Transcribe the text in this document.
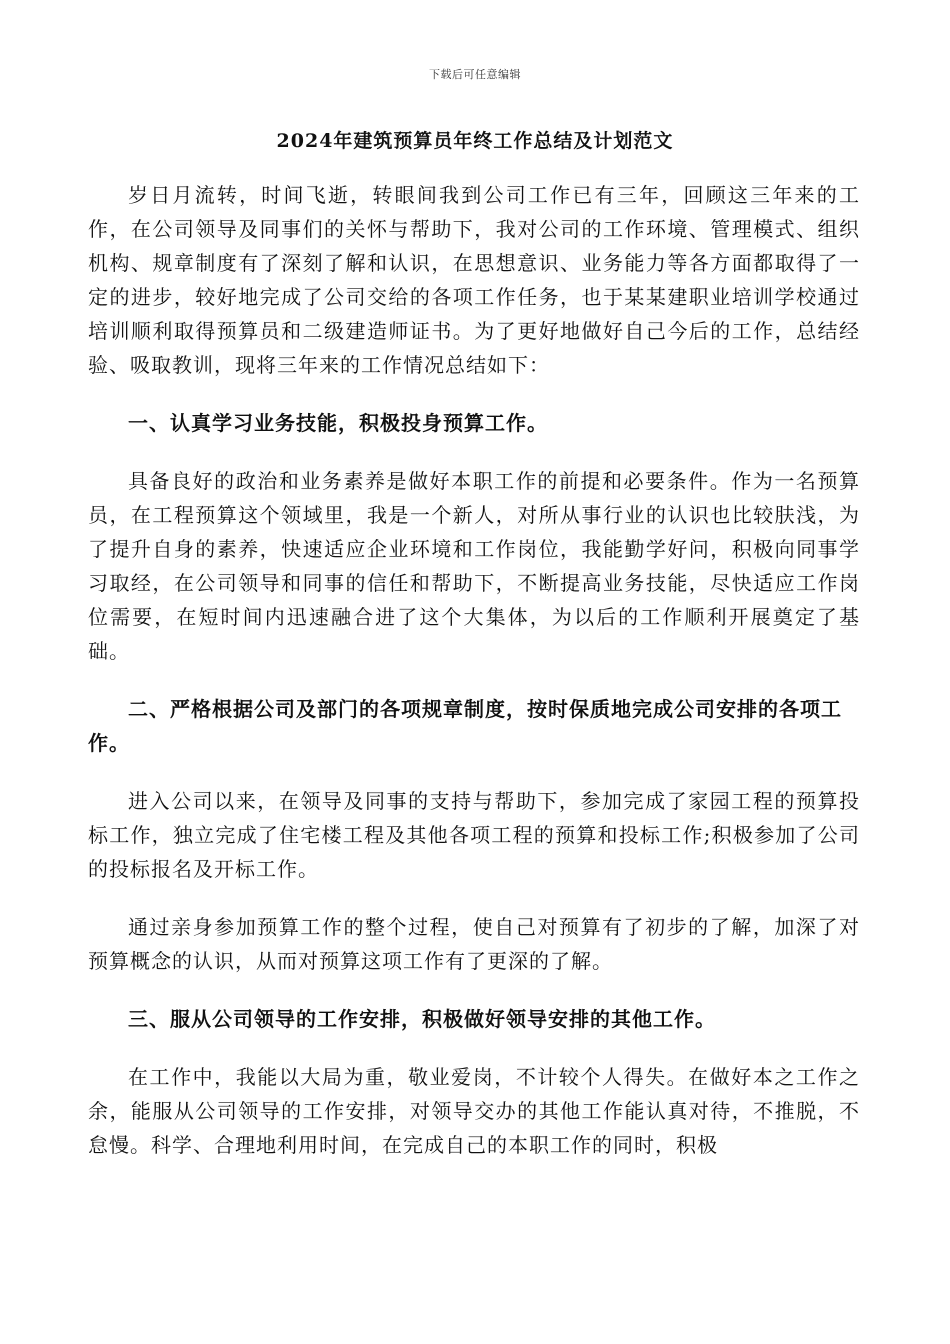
下载后可任意编辑
2024年建筑预算员年终工作总结及计划范文

岁日月流转，时间飞逝，转眼间我到公司工作已有三年，回顾这三年来的工作，在公司领导及同事们的关怀与帮助下，我对公司的工作环境、管理模式、组织机构、规章制度有了深刻了解和认识，在思想意识、业务能力等各方面都取得了一定的进步，较好地完成了公司交给的各项工作任务，也于某某建职业培训学校通过培训顺利取得预算员和二级建造师证书。为了更好地做好自己今后的工作，总结经验、吸取教训，现将三年来的工作情况总结如下：

一、认真学习业务技能，积极投身预算工作。

具备良好的政治和业务素养是做好本职工作的前提和必要条件。作为一名预算员，在工程预算这个领域里，我是一个新人，对所从事行业的认识也比较肤浅，为了提升自身的素养，快速适应企业环境和工作岗位，我能勤学好问，积极向同事学习取经，在公司领导和同事的信任和帮助下，不断提高业务技能，尽快适应工作岗位需要，在短时间内迅速融合进了这个大集体，为以后的工作顺利开展奠定了基础。

二、严格根据公司及部门的各项规章制度，按时保质地完成公司安排的各项工作。

进入公司以来，在领导及同事的支持与帮助下，参加完成了家园工程的预算投标工作，独立完成了住宅楼工程及其他各项工程的预算和投标工作;积极参加了公司的投标报名及开标工作。

通过亲身参加预算工作的整个过程，使自己对预算有了初步的了解，加深了对预算概念的认识，从而对预算这项工作有了更深的了解。

三、服从公司领导的工作安排，积极做好领导安排的其他工作。

在工作中，我能以大局为重，敬业爱岗，不计较个人得失。在做好本之工作之余，能服从公司领导的工作安排，对领导交办的其他工作能认真对待，不推脱，不怠慢。科学、合理地利用时间，在完成自己的本职工作的同时，积极
